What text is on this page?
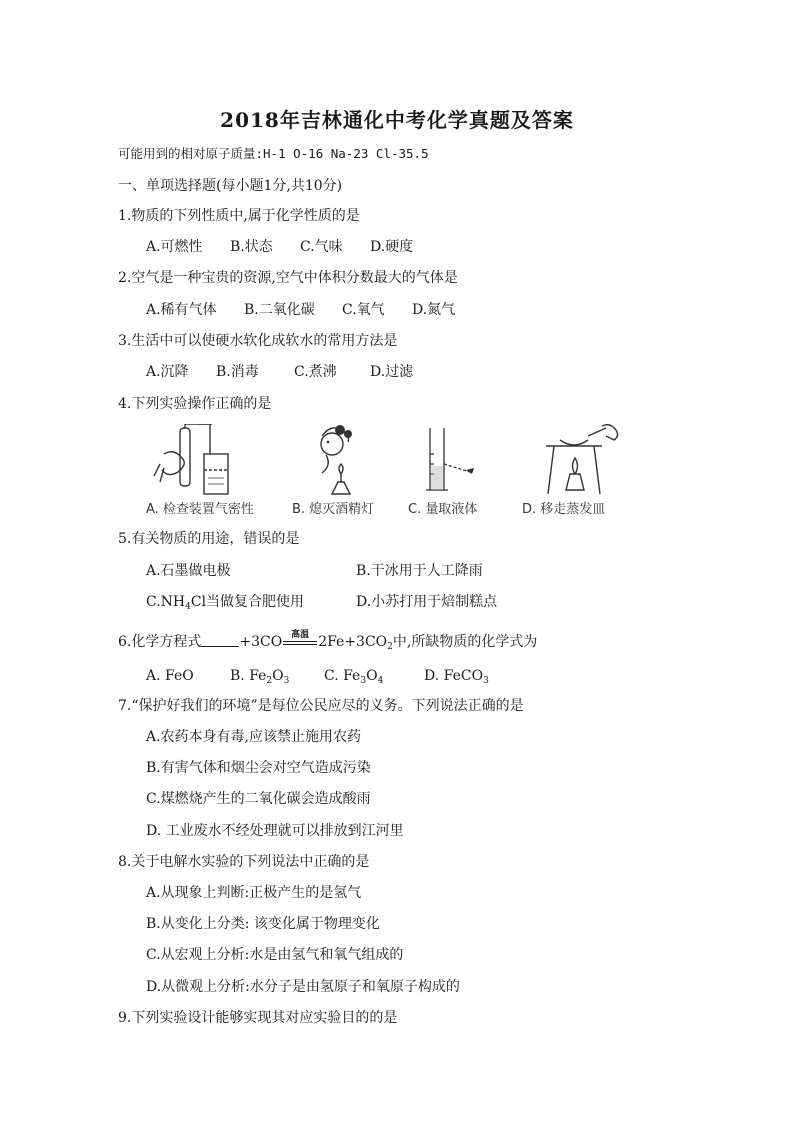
2018年吉林通化中考化学真题及答案
可能用到的相对原子质量:H-1 O-16 Na-23 Cl-35.5
一、单项选择题(每小题1分,共10分)
1.物质的下列性质中,属于化学性质的是
A.可燃性 B.状态 C.气味 D.硬度
2.空气是一种宝贵的资源,空气中体积分数最大的气体是
A.稀有气体 B.二氧化碳 C.氧气 D.氮气
3.生活中可以使硬水软化成软水的常用方法是
A.沉降 B.消毒	C.煮沸 D.过滤
4.下列实验操作正确的是
A. 检查装置气密性	B. 熄灭酒精灯	C. 量取液体	D. 移走蒸发皿
5.有关物质的用途，错误的是
A.石墨做电极	B.干冰用于人工降雨
$C.NH_4Cl$当做复合肥使用	D.小苏打用于焙制糕点
6.化学方程式	+3CO 高温 $2Fe+3CO_2$中,所缺物质的化学式为
A. FeO	B. $Fe_2O_3$ C. $Fe_3O_4$	D. FeCO$_3$
7.“保护好我们的环境”是每位公民应尽的义务。下列说法正确的是
A.农药本身有毒,应该禁止施用农药
B.有害气体和烟尘会对空气造成污染
C.煤燃烧产生的二氧化碳会造成酸雨
D. 工业废水不经处理就可以排放到江河里
8.关于电解水实验的下列说法中正确的是
A.从现象上判断:正极产生的是氢气
B.从变化上分类: 该变化属于物理变化
C.从宏观上分析:水是由氢气和氧气组成的
D.从微观上分析:水分子是由氢原子和氧原子构成的
9.下列实验设计能够实现其对应实验目的的是
